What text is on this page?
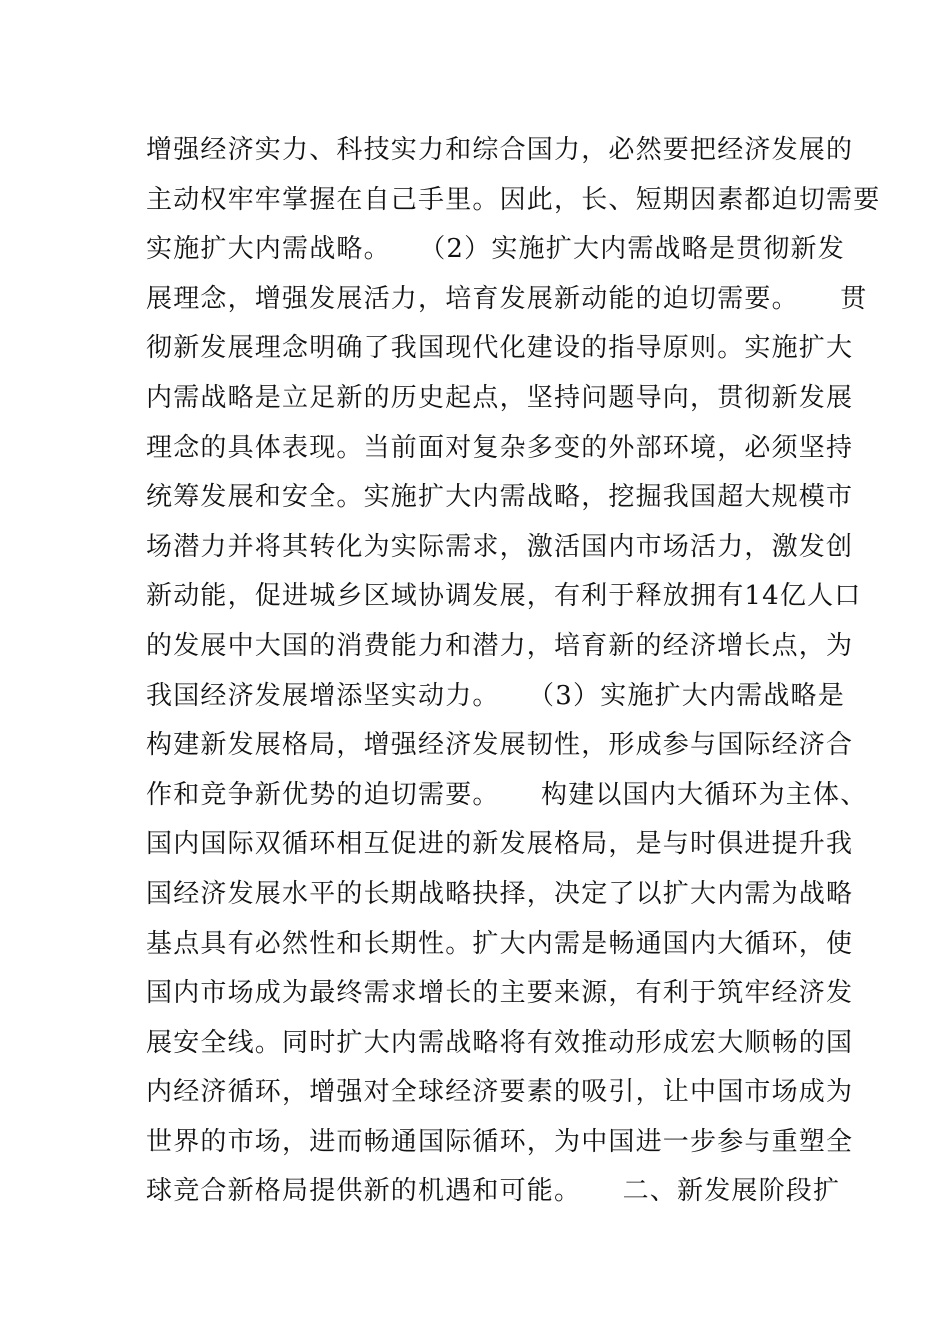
增强经济实力、科技实力和综合国力，必然要把经济发展的
主动权牢牢掌握在自己手里。因此，长、短期因素都迫切需要
实施扩大内需战略。　　（2）实施扩大内需战略是贯彻新发
展理念，增强发展活力，培育发展新动能的迫切需要。　　贯
彻新发展理念明确了我国现代化建设的指导原则。实施扩大
内需战略是立足新的历史起点，坚持问题导向，贯彻新发展
理念的具体表现。当前面对复杂多变的外部环境，必须坚持
统筹发展和安全。实施扩大内需战略，挖掘我国超大规模市
场潜力并将其转化为实际需求，激活国内市场活力，激发创
新动能，促进城乡区域协调发展，有利于释放拥有14亿人口
的发展中大国的消费能力和潜力，培育新的经济增长点，为
我国经济发展增添坚实动力。　　（3）实施扩大内需战略是
构建新发展格局，增强经济发展韧性，形成参与国际经济合
作和竞争新优势的迫切需要。　　构建以国内大循环为主体、
国内国际双循环相互促进的新发展格局，是与时俱进提升我
国经济发展水平的长期战略抉择，决定了以扩大内需为战略
基点具有必然性和长期性。扩大内需是畅通国内大循环，使
国内市场成为最终需求增长的主要来源，有利于筑牢经济发
展安全线。同时扩大内需战略将有效推动形成宏大顺畅的国
内经济循环，增强对全球经济要素的吸引，让中国市场成为
世界的市场，进而畅通国际循环，为中国进一步参与重塑全
球竞合新格局提供新的机遇和可能。　　二、新发展阶段扩
